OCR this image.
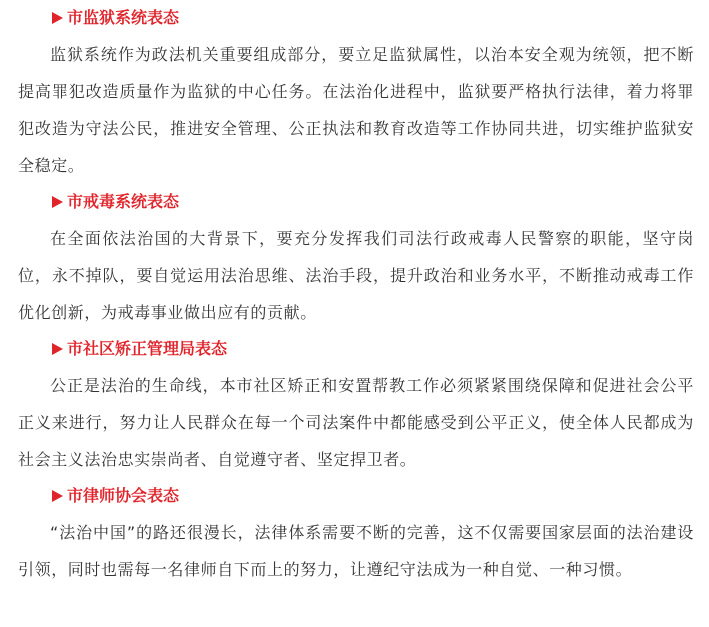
市监狱系统表态

监狱系统作为政法机关重要组成部分，要立足监狱属性，以治本安全观为统领，把不断提高罪犯改造质量作为监狱的中心任务。在法治化进程中，监狱要严格执行法律，着力将罪犯改造为守法公民，推进安全管理、公正执法和教育改造等工作协同共进，切实维护监狱安全稳定。

市戒毒系统表态

在全面依法治国的大背景下，要充分发挥我们司法行政戒毒人民警察的职能，坚守岗位，永不掉队，要自觉运用法治思维、法治手段，提升政治和业务水平，不断推动戒毒工作优化创新，为戒毒事业做出应有的贡献。

市社区矫正管理局表态

公正是法治的生命线，本市社区矫正和安置帮教工作必须紧紧围绕保障和促进社会公平正义来进行，努力让人民群众在每一个司法案件中都能感受到公平正义，使全体人民都成为社会主义法治忠实崇尚者、自觉遵守者、坚定捍卫者。

市律师协会表态

“法治中国”的路还很漫长，法律体系需要不断的完善，这不仅需要国家层面的法治建设引领，同时也需每一名律师自下而上的努力，让遵纪守法成为一种自觉、一种习惯。
